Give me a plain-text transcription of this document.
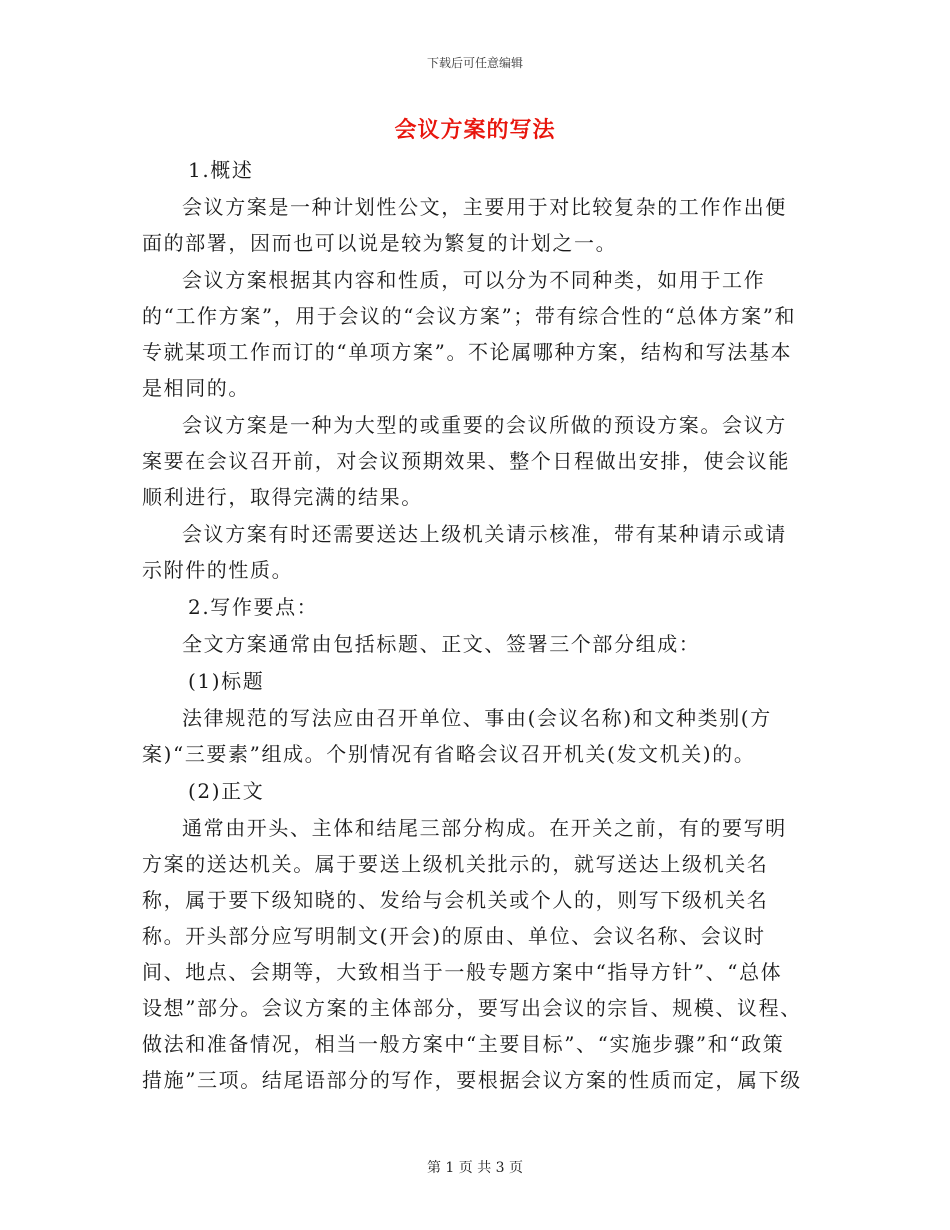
下载后可任意编辑
会议方案的写法

1.概述

会议方案是一种计划性公文，主要用于对比较复杂的工作作出便面的部署，因而也可以说是较为繁复的计划之一。

会议方案根据其内容和性质，可以分为不同种类，如用于工作的“工作方案”，用于会议的“会议方案”；带有综合性的“总体方案”和专就某项工作而订的“单项方案”。不论属哪种方案，结构和写法基本是相同的。

会议方案是一种为大型的或重要的会议所做的预设方案。会议方案要在会议召开前，对会议预期效果、整个日程做出安排，使会议能顺利进行，取得完满的结果。

会议方案有时还需要送达上级机关请示核准，带有某种请示或请示附件的性质。

2.写作要点：

全文方案通常由包括标题、正文、签署三个部分组成：

(1)标题

法律规范的写法应由召开单位、事由(会议名称)和文种类别(方案)“三要素”组成。个别情况有省略会议召开机关(发文机关)的。

(2)正文

通常由开头、主体和结尾三部分构成。在开关之前，有的要写明方案的送达机关。属于要送上级机关批示的，就写送达上级机关名称，属于要下级知晓的、发给与会机关或个人的，则写下级机关名称。开头部分应写明制文(开会)的原由、单位、会议名称、会议时间、地点、会期等，大致相当于一般专题方案中“指导方针”、“总体设想”部分。会议方案的主体部分，要写出会议的宗旨、规模、议程、做法和准备情况，相当一般方案中“主要目标”、“实施步骤”和“政策措施”三项。结尾语部分的写作，要根据会议方案的性质而定，属下级

第 1 页 共 3 页
